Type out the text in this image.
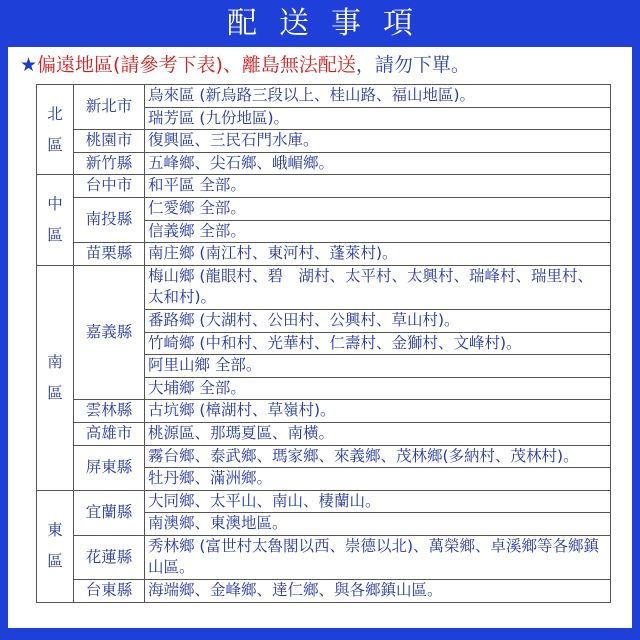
配送事項
★偏遠地區(請參考下表)、離島無法配送，請勿下單。
北區	新北市	烏來區 (新烏路三段以上、桂山路、福山地區)。
		瑞芳區 (九份地區)。
	桃園市	復興區、三民石門水庫。
	新竹縣	五峰鄉、尖石鄉、峨嵋鄉。

中區	台中市	和平區 全部。
	南投縣	仁愛鄉 全部。
		信義鄉 全部。
	苗栗縣	南庄鄉 (南江村、東河村、蓬萊村)。

南區	嘉義縣	梅山鄉 (龍眼村、碧　湖村、太平村、太興村、瑞峰村、瑞里村、太和村)。
		番路鄉 (大湖村、公田村、公興村、草山村)。
		竹崎鄉 (中和村、光華村、仁壽村、金獅村、文峰村)。
		阿里山鄉 全部。
		大埔鄉 全部。
	雲林縣	古坑鄉 (樟湖村、草嶺村)。
	高雄市	桃源區、那瑪夏區、南橫。
	屏東縣	霧台鄉、泰武鄉、瑪家鄉、來義鄉、茂林鄉(多納村、茂林村)。
		牡丹鄉、滿洲鄉。

東區	宜蘭縣	大同鄉、太平山、南山、棲蘭山。
		南澳鄉、東澳地區。
	花蓮縣	秀林鄉 (富世村太魯閣以西、崇德以北)、萬榮鄉、卓溪鄉等各鄉鎮山區。
	台東縣	海端鄉、金峰鄉、達仁鄉、與各鄉鎮山區。
